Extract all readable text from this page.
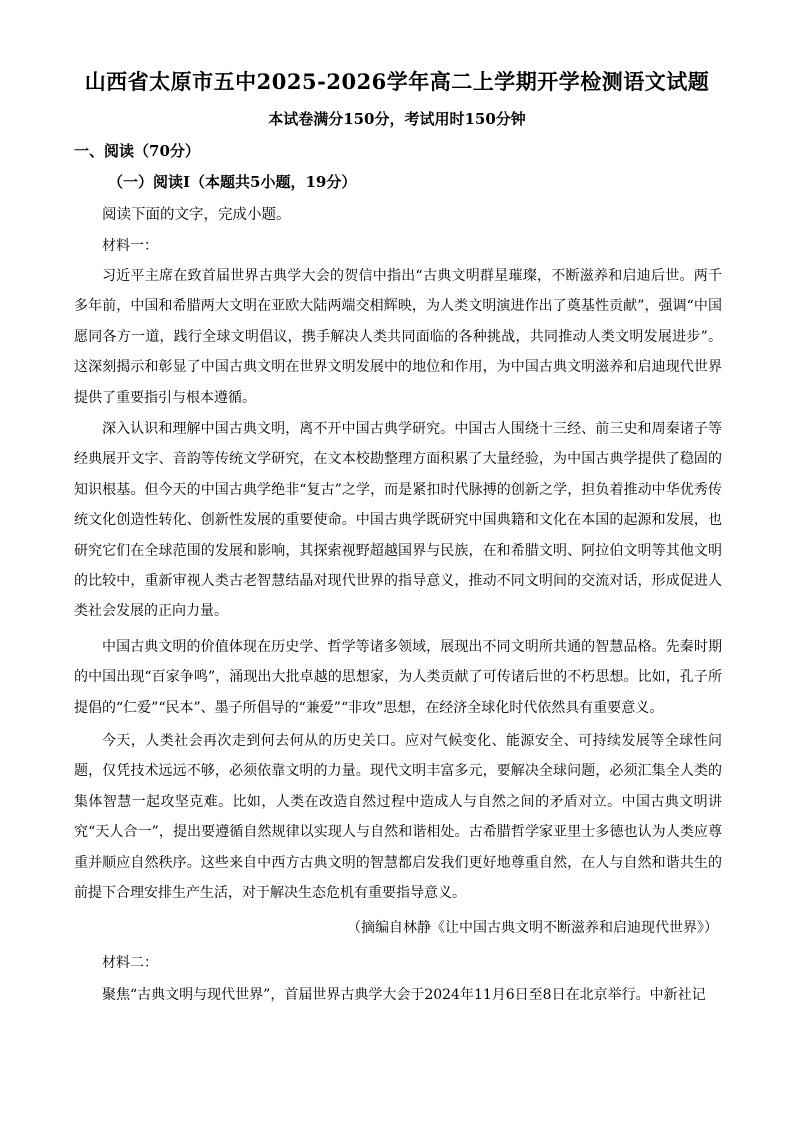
山西省太原市五中2025-2026学年高二上学期开学检测语文试题

本试卷满分150分，考试用时150分钟

一、阅读（70分）

（一）阅读Ⅰ（本题共5小题，19分）

阅读下面的文字，完成小题。

材料一：

习近平主席在致首届世界古典学大会的贺信中指出“古典文明群星璀璨，不断滋养和启迪后世。两千多年前，中国和希腊两大文明在亚欧大陆两端交相辉映，为人类文明演进作出了奠基性贡献”，强调“中国愿同各方一道，践行全球文明倡议，携手解决人类共同面临的各种挑战，共同推动人类文明发展进步”。这深刻揭示和彰显了中国古典文明在世界文明发展中的地位和作用，为中国古典文明滋养和启迪现代世界提供了重要指引与根本遵循。

深入认识和理解中国古典文明，离不开中国古典学研究。中国古人围绕十三经、前三史和周秦诸子等经典展开文字、音韵等传统文学研究，在文本校勘整理方面积累了大量经验，为中国古典学提供了稳固的知识根基。但今天的中国古典学绝非“复古”之学，而是紧扣时代脉搏的创新之学，担负着推动中华优秀传统文化创造性转化、创新性发展的重要使命。中国古典学既研究中国典籍和文化在本国的起源和发展，也研究它们在全球范围的发展和影响，其探索视野超越国界与民族，在和希腊文明、阿拉伯文明等其他文明的比较中，重新审视人类古老智慧结晶对现代世界的指导意义，推动不同文明间的交流对话，形成促进人类社会发展的正向力量。

中国古典文明的价值体现在历史学、哲学等诸多领域，展现出不同文明所共通的智慧品格。先秦时期的中国出现“百家争鸣”，涌现出大批卓越的思想家，为人类贡献了可传诸后世的不朽思想。比如，孔子所提倡的“仁爱”“民本”、墨子所倡导的“兼爱”“非攻”思想，在经济全球化时代依然具有重要意义。

今天，人类社会再次走到何去何从的历史关口。应对气候变化、能源安全、可持续发展等全球性问题，仅凭技术远远不够，必须依靠文明的力量。现代文明丰富多元，要解决全球问题，必须汇集全人类的集体智慧一起攻坚克难。比如，人类在改造自然过程中造成人与自然之间的矛盾对立。中国古典文明讲究“天人合一”，提出要遵循自然规律以实现人与自然和谐相处。古希腊哲学家亚里士多德也认为人类应尊重并顺应自然秩序。这些来自中西方古典文明的智慧都启发我们更好地尊重自然，在人与自然和谐共生的前提下合理安排生产生活，对于解决生态危机有重要指导意义。

（摘编自林静《让中国古典文明不断滋养和启迪现代世界》）

材料二：

聚焦“古典文明与现代世界”，首届世界古典学大会于2024年11月6日至8日在北京举行。中新社记
